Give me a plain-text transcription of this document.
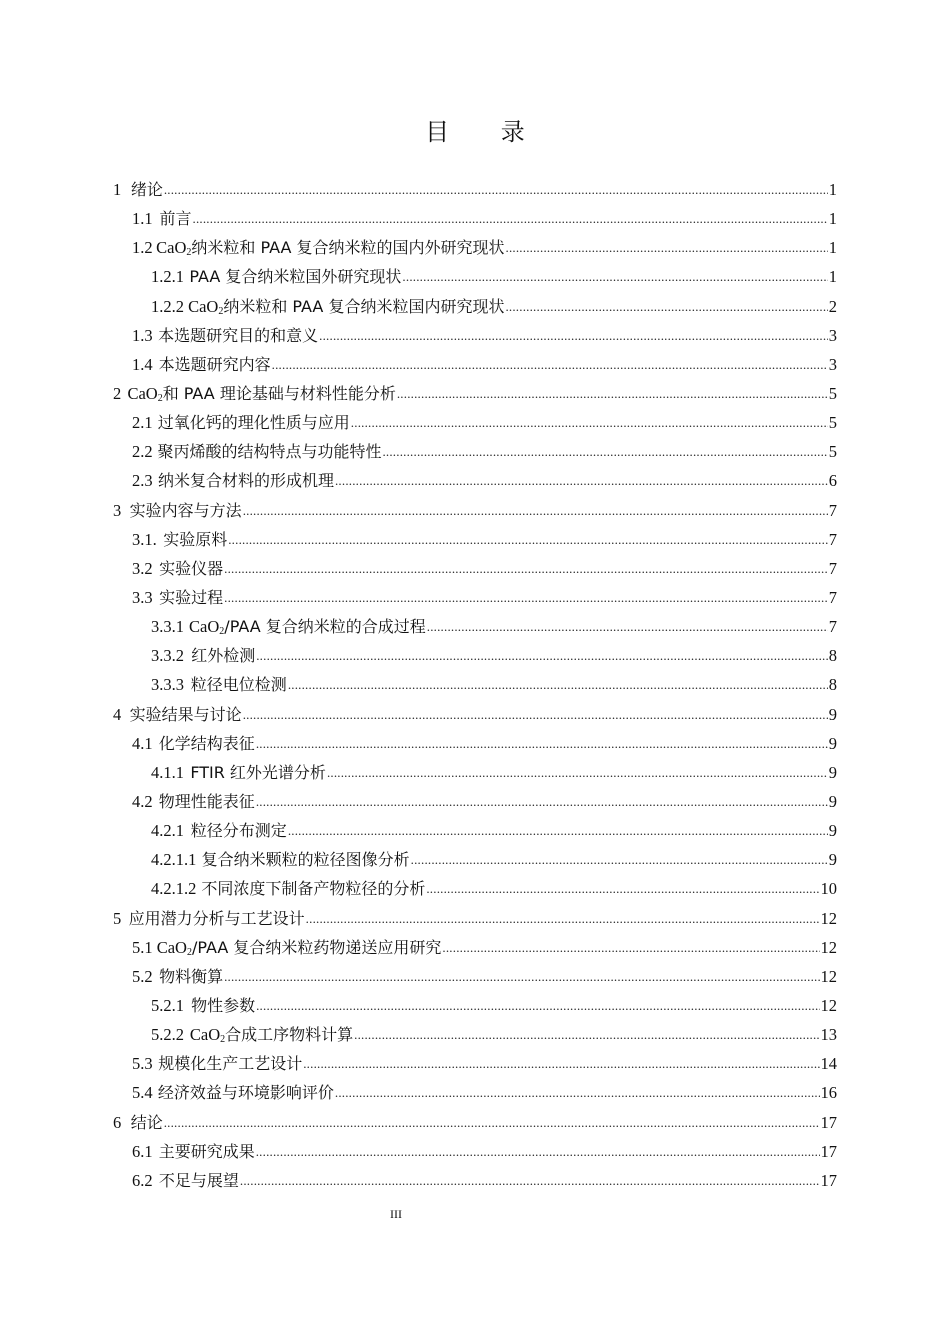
目 录
1 绪论 .....	1
1.1 前言 .....	1
1.2 CaO$_2$纳米粒和 PAA 复合纳米粒的国内外研究现状 .....	1
1.2.1 PAA 复合纳米粒国外研究现状 .....	1
1.2.2 CaO$_2$纳米粒和 PAA 复合纳米粒国内研究现状 .....	2
1.3 本选题研究目的和意义 .....	3
1.4 本选题研究内容 .....	3
2 CaO$_2$和 PAA 理论基础与材料性能分析 .....	5
2.1 过氧化钙的理化性质与应用 .....	5
2.2 聚丙烯酸的结构特点与功能特性 .....	5
2.3 纳米复合材料的形成机理 .....	6
3 实验内容与方法 .....	7
3.1. 实验原料 .....	7
3.2 实验仪器 .....	7
3.3 实验过程 .....	7
3.3.1 CaO$_2$/PAA 复合纳米粒的合成过程 .....	7
3.3.2 红外检测 .....	8
3.3.3 粒径电位检测 .....	8
4 实验结果与讨论 .....	9
4.1 化学结构表征 .....	9
4.1.1 FTIR 红外光谱分析 .....	9
4.2 物理性能表征 .....	9
4.2.1 粒径分布测定 .....	9
4.2.1.1 复合纳米颗粒的粒径图像分析 .....	9
4.2.1.2 不同浓度下制备产物粒径的分析 .....	10
5 应用潜力分析与工艺设计 .....	12
5.1 CaO$_2$/PAA 复合纳米粒药物递送应用研究 .....	12
5.2 物料衡算 .....	12
5.2.1 物性参数 .....	12
5.2.2 CaO$_2$合成工序物料计算 .....	13
5.3 规模化生产工艺设计 .....	14
5.4 经济效益与环境影响评价 .....	16
6 结论 .....	17
6.1 主要研究成果 .....	17
6.2 不足与展望 .....	17
III
